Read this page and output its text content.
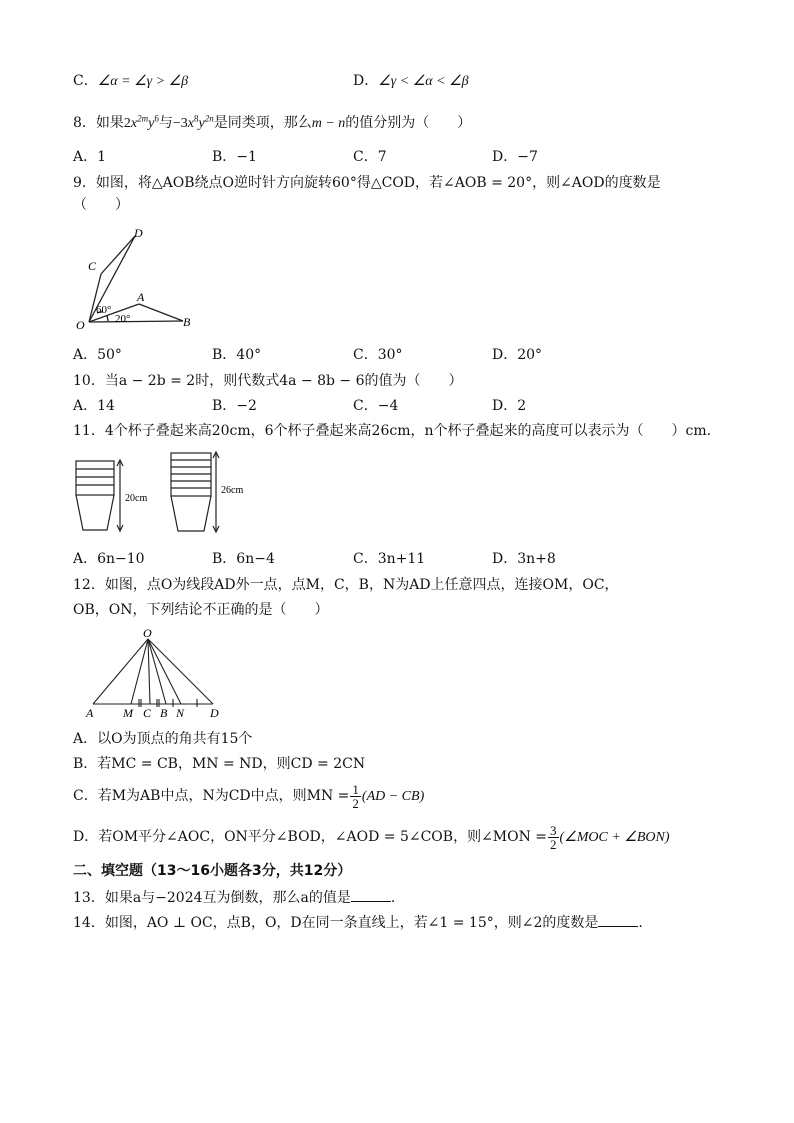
C．∠α = ∠γ > ∠β	D．∠γ < ∠α < ∠β
8．如果$2x^{2m}y^6$与$-3x^8y^{2n}$是同类项，那么m − n的值分别为（　　）
A．1	B．−1	C．7	D．−7
9．如图，将△AOB绕点O逆时针方向旋转60°得△COD，若∠AOB = 20°，则∠AOD的度数是
（　　）
D
C
A
O	B
60°
20°
A．50°	B．40°	C．30°	D．20°
10．当a − 2b = 2时，则代数式4a − 8b − 6的值为（　　）
A．14	B．−2	C．−4	D．2
11．4个杯子叠起来高20cm，6个杯子叠起来高26cm，n个杯子叠起来的高度可以表示为（　　）cm.
20cm
26cm
A．6n−10	B．6n−4	C．3n+11	D．3n+8
12．如图，点O为线段AD外一点，点M，C，B，N为AD上任意四点，连接OM，OC，
OB，ON，下列结论不正确的是（　　）
O
A M C B N D
A．以O为顶点的角共有15个
B．若MC = CB，MN = ND，则CD = 2CN
C．若M为AB中点，N为CD中点，则MN = $\frac{1}{2} (AD - CB)$
D．若OM平分∠AOC，ON平分∠BOD，∠AOD = 5∠COB，则∠MON = $\frac{3}{2}$ (∠MOC + ∠BON)
二、填空题（13～16小题各3分，共12分）
13．如果a与−2024互为倒数，那么a的值是	.
14．如图，AO ⊥ OC，点B，O，D在同一条直线上，若∠1 = 15°，则∠2的度数是	.
